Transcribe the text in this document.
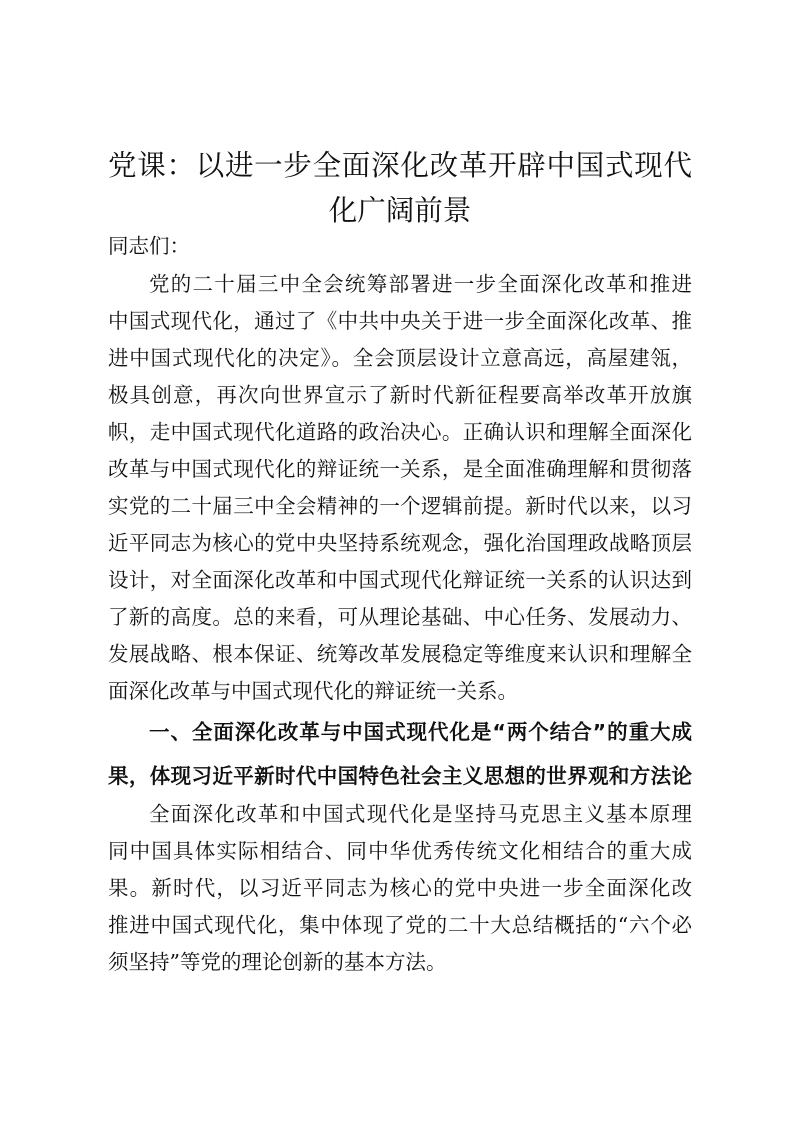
党课：以进一步全面深化改革开辟中国式现代
化广阔前景
同志们：
党的二十届三中全会统筹部署进一步全面深化改革和推进
中国式现代化，通过了《中共中央关于进一步全面深化改革、推
进中国式现代化的决定》。全会顶层设计立意高远，高屋建瓴，
极具创意，再次向世界宣示了新时代新征程要高举改革开放旗
帜，走中国式现代化道路的政治决心。正确认识和理解全面深化
改革与中国式现代化的辩证统一关系，是全面准确理解和贯彻落
实党的二十届三中全会精神的一个逻辑前提。新时代以来，以习
近平同志为核心的党中央坚持系统观念，强化治国理政战略顶层
设计，对全面深化改革和中国式现代化辩证统一关系的认识达到
了新的高度。总的来看，可从理论基础、中心任务、发展动力、
发展战略、根本保证、统筹改革发展稳定等维度来认识和理解全
面深化改革与中国式现代化的辩证统一关系。
一、全面深化改革与中国式现代化是“两个结合”的重大成
果，体现习近平新时代中国特色社会主义思想的世界观和方法论
全面深化改革和中国式现代化是坚持马克思主义基本原理
同中国具体实际相结合、同中华优秀传统文化相结合的重大成
果。新时代，以习近平同志为核心的党中央进一步全面深化改
推进中国式现代化，集中体现了党的二十大总结概括的“六个必
须坚持”等党的理论创新的基本方法。
